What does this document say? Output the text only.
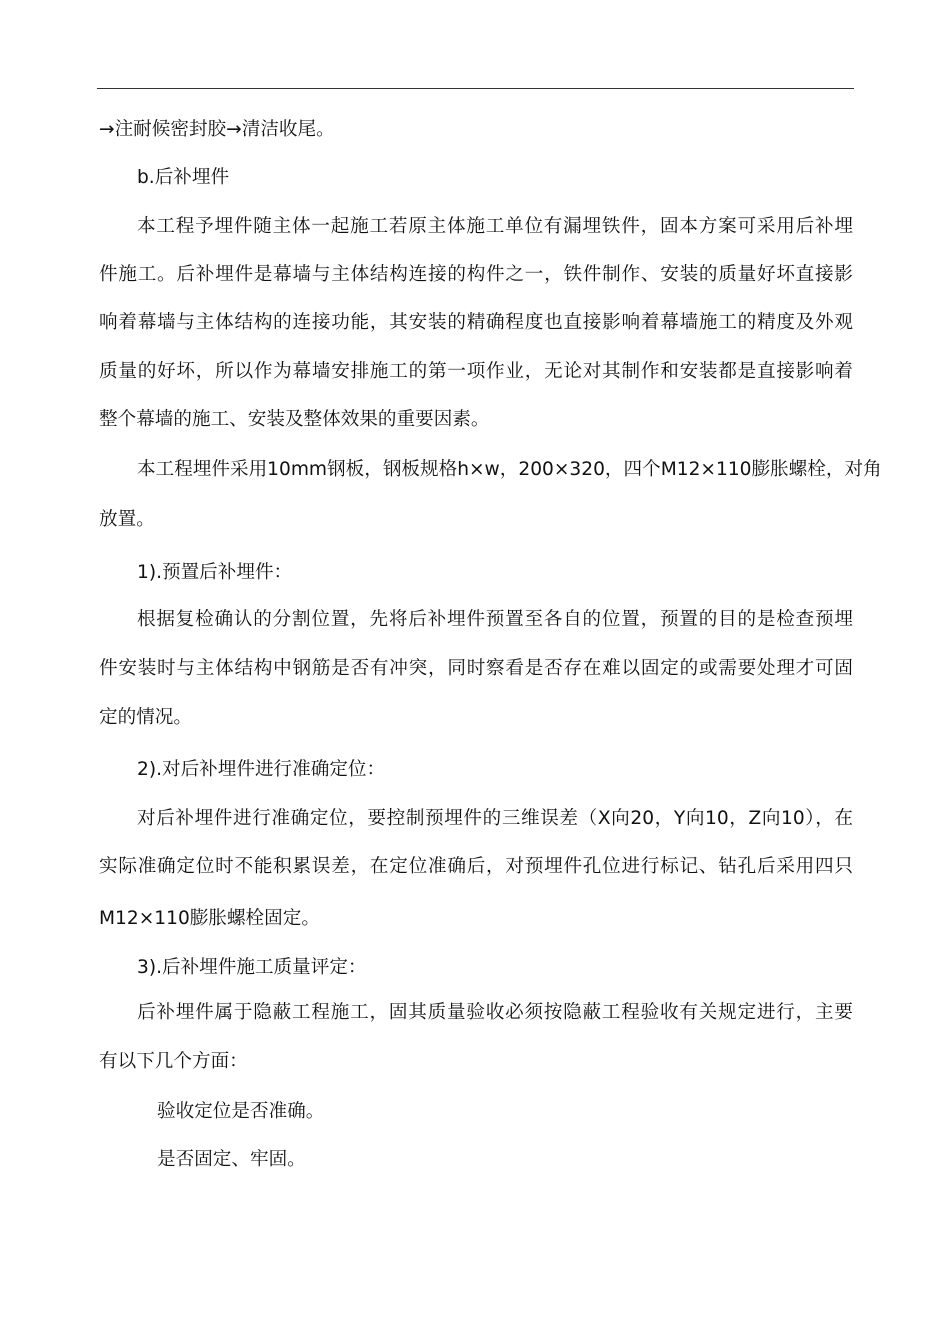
→注耐候密封胶→清洁收尾。
b.后补埋件
本工程予埋件随主体一起施工若原主体施工单位有漏埋铁件，固本方案可采用后补埋
件施工。后补埋件是幕墙与主体结构连接的构件之一，铁件制作、安装的质量好坏直接影
响着幕墙与主体结构的连接功能，其安装的精确程度也直接影响着幕墙施工的精度及外观
质量的好坏，所以作为幕墙安排施工的第一项作业，无论对其制作和安装都是直接影响着
整个幕墙的施工、安装及整体效果的重要因素。
本工程埋件采用10mm钢板，钢板规格h×w，200×320，四个M12×110膨胀螺栓，对角
放置。
1).预置后补埋件：
根据复检确认的分割位置，先将后补埋件预置至各自的位置，预置的目的是检查预埋
件安装时与主体结构中钢筋是否有冲突，同时察看是否存在难以固定的或需要处理才可固
定的情况。
2).对后补埋件进行准确定位：
对后补埋件进行准确定位，要控制预埋件的三维误差（X向20，Y向10，Z向10），在
实际准确定位时不能积累误差，在定位准确后，对预埋件孔位进行标记、钻孔后采用四只
M12×110膨胀螺栓固定。
3).后补埋件施工质量评定：
后补埋件属于隐蔽工程施工，固其质量验收必须按隐蔽工程验收有关规定进行，主要
有以下几个方面：
验收定位是否准确。
是否固定、牢固。
